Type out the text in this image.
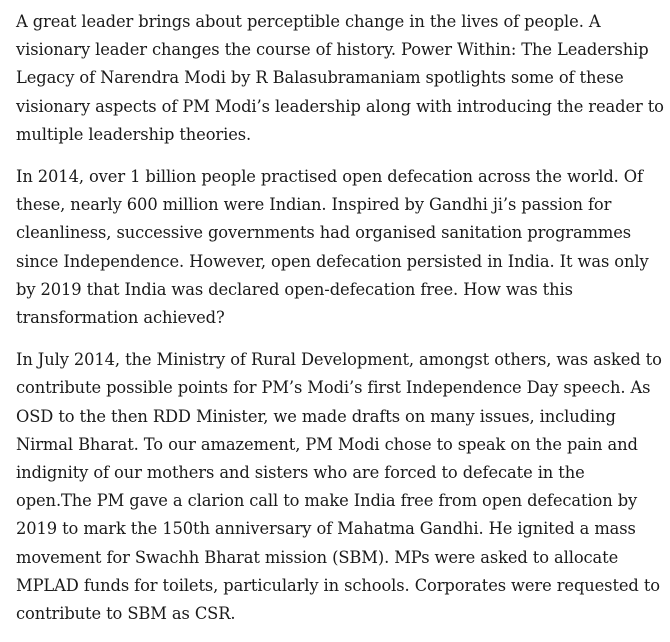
A great leader brings about perceptible change in the lives of people. A visionary leader changes the course of history. Power Within: The Leadership Legacy of Narendra Modi by R Balasubramaniam spotlights some of these visionary aspects of PM Modi’s leadership along with introducing the reader to multiple leadership theories.

In 2014, over 1 billion people practised open defecation across the world. Of these, nearly 600 million were Indian. Inspired by Gandhi ji’s passion for cleanliness, successive governments had organised sanitation programmes since Independence. However, open defecation persisted in India. It was only by 2019 that India was declared open-defecation free. How was this transformation achieved?

In July 2014, the Ministry of Rural Development, amongst others, was asked to contribute possible points for PM’s Modi’s first Independence Day speech. As OSD to the then RDD Minister, we made drafts on many issues, including Nirmal Bharat. To our amazement, PM Modi chose to speak on the pain and indignity of our mothers and sisters who are forced to defecate in the open.The PM gave a clarion call to make India free from open defecation by 2019 to mark the 150th anniversary of Mahatma Gandhi. He ignited a mass movement for Swachh Bharat mission (SBM). MPs were asked to allocate MPLAD funds for toilets, particularly in schools. Corporates were requested to contribute to SBM as CSR.
